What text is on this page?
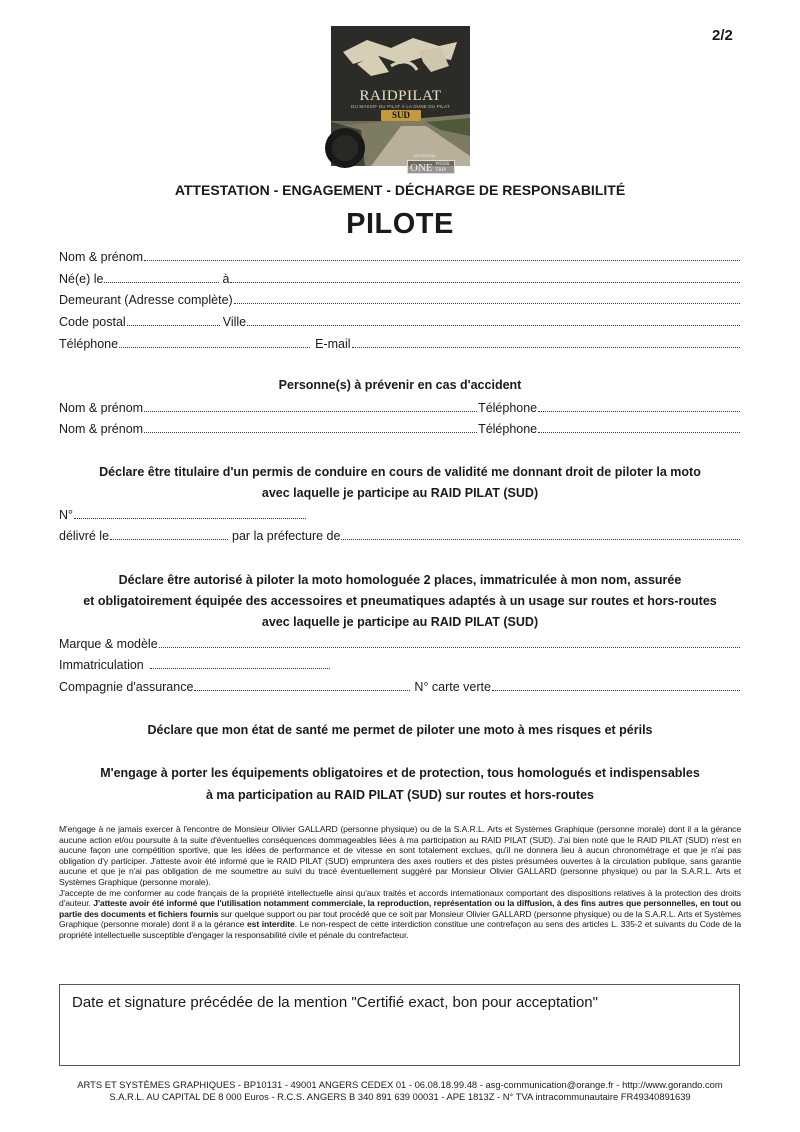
2/2
RAIDPILAT
DU MASSIF DU PILAT À LA DUNE DU PILAT
SUD
COLLECTION
ONE WEEK
TRIP
ATTESTATION - ENGAGEMENT - DÉCHARGE DE RESPONSABILITÉ
PILOTE
Nom & prénom
Né(e) le	à
Demeurant (Adresse complète)
Code postal	Ville
Téléphone	E-mail
Personne(s) à prévenir en cas d'accident
Nom & prénom	Téléphone
Nom & prénom	Téléphone
Déclare être titulaire d'un permis de conduire en cours de validité me donnant droit de piloter la moto
avec laquelle je participe au RAID PILAT (SUD)
N°
délivré le	par la préfecture de
Déclare être autorisé à piloter la moto homologuée 2 places, immatriculée à mon nom, assurée
et obligatoirement équipée des accessoires et pneumatiques adaptés à un usage sur routes et hors-routes
avec laquelle je participe au RAID PILAT (SUD)
Marque & modèle
Immatriculation
Compagnie d'assurance	N° carte verte
Déclare que mon état de santé me permet de piloter une moto à mes risques et périls
M'engage à porter les équipements obligatoires et de protection, tous homologués et indispensables
à ma participation au RAID PILAT (SUD) sur routes et hors-routes

M'engage à ne jamais exercer à l'encontre de Monsieur Olivier GALLARD (personne physique) ou de la S.A.R.L. Arts et Systèmes Graphique (personne morale) dont il a la gérance aucune action et/ou poursuite à la suite d'éventuelles conséquences dommageables liées à ma participation au RAID PILAT (SUD). J'ai bien noté que le RAID PILAT (SUD) n'est en aucune façon une compétition sportive, que les idées de performance et de vitesse en sont totalement exclues, qu'il ne donnera lieu à aucun chronométrage et que je n'ai pas obligation d'y participer. J'atteste avoir été informé que le RAID PILAT (SUD) empruntera des axes routiers et des pistes présumées ouvertes à la circulation publique, sans garantie aucune et que je n'ai pas obligation de me soumettre au suivi du tracé éventuellement suggéré par Monsieur Olivier GALLARD (personne physique) ou par la S.A.R.L. Arts et Systèmes Graphique (personne morale).

J'accepte de me conformer au code français de la propriété intellectuelle ainsi qu'aux traités et accords internationaux comportant des dispositions relatives à la protection des droits d'auteur. J'atteste avoir été informé que l'utilisation notamment commerciale, la reproduction, représentation ou la diffusion, à des fins autres que personnelles, en tout ou partie des documents et fichiers fournis sur quelque support ou par tout procédé que ce soit par Monsieur Olivier GALLARD (personne physique) ou de la S.A.R.L. Arts et Systèmes Graphique (personne morale) dont il a la gérance est interdite. Le non-respect de cette interdiction constitue une contrefaçon au sens des articles L. 335-2 et suivants du Code de la propriété intellectuelle susceptible d'engager la responsabilité civile et pénale du contrefacteur.

Date et signature précédée de la mention "Certifié exact, bon pour acceptation"
ARTS ET SYSTÈMES GRAPHIQUES - BP10131 - 49001 ANGERS CEDEX 01 - 06.08.18.99.48 - asg-communication@orange.fr - http://www.gorando.com
S.A.R.L. AU CAPITAL DE 8 000 Euros - R.C.S. ANGERS B 340 891 639 00031 - APE 1813Z - N° TVA intracommunautaire FR49340891639
